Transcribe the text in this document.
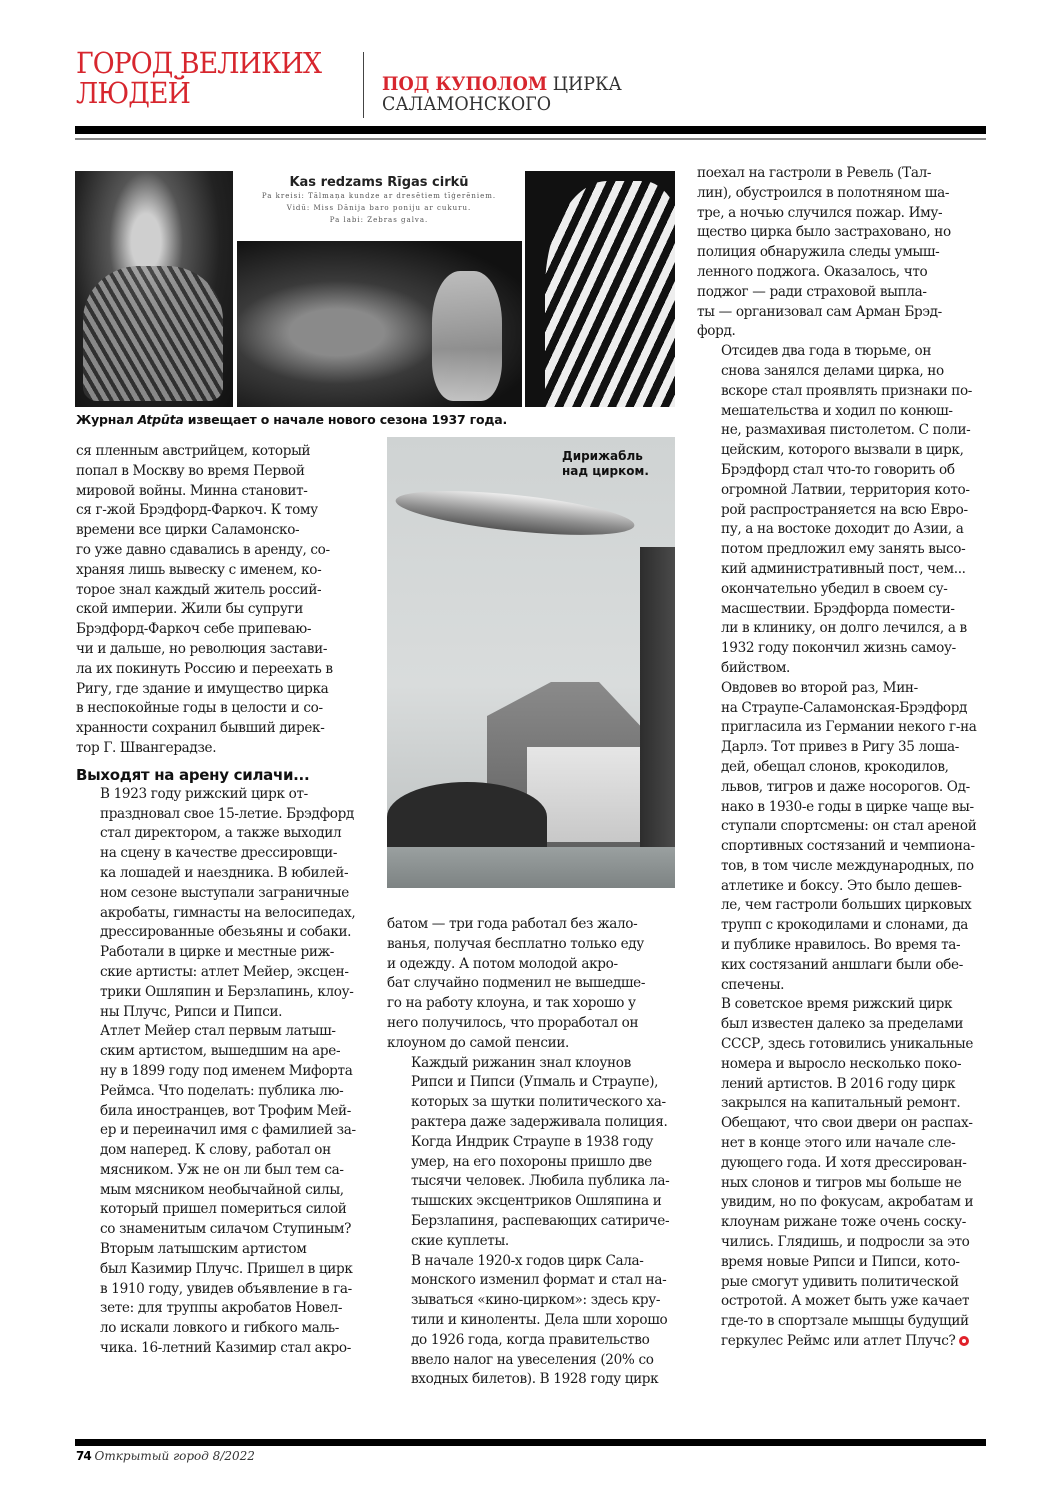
ГОРОД ВЕЛИКИХ
ЛЮДЕЙ	ПОД КУПОЛОМ ЦИРКА
САЛАМОНСКОГО
Kas redzams Rīgas cirkū
Pa kreisi: Tālmaņa kundze ar dresētiem tīģerēniem.
Vidū: Miss Dānija baro poniju ar cukuru.
Pa labi: Zebras galva.
Журнал Atpūta извещает о начале нового сезона 1937 года.
Дирижабль
над цирком.

ся пленным австрийцем, который
попал в Москву во время Первой
мировой войны. Минна становит-
ся г-жой Брэдфорд-Фаркоч. К тому
времени все цирки Саламонско-
го уже давно сдавались в аренду, со-
храняя лишь вывеску с именем, ко-
торое знал каждый житель россий-
ской империи. Жили бы супруги
Брэдфорд-Фаркоч себе припеваю-
чи и дальше, но революция застави-
ла их покинуть Россию и переехать в
Ригу, где здание и имущество цирка
в неспокойные годы в целости и со-
хранности сохранил бывший дирек-
тор Г. Швангерадзе.

Выходят на арену силачи...

В 1923 году рижский цирк от-
праздновал свое 15-летие. Брэдфорд
стал директором, а также выходил
на сцену в качестве дрессировщи-
ка лошадей и наездника. В юбилей-
ном сезоне выступали заграничные
акробаты, гимнасты на велосипедах,
дрессированные обезьяны и собаки.
Работали в цирке и местные риж-
ские артисты: атлет Мейер, эксцен-
трики Ошляпин и Берзлапинь, клоу-
ны Плучс, Рипси и Пипси.

Атлет Мейер стал первым латыш-
ским артистом, вышедшим на аре-
ну в 1899 году под именем Мифорта
Реймса. Что поделать: публика лю-
била иностранцев, вот Трофим Мей-
ер и переиначил имя с фамилией за-
дом наперед. К слову, работал он
мясником. Уж не он ли был тем са-
мым мясником необычайной силы,
который пришел помериться силой
со знаменитым силачом Ступиным?

Вторым латышским артистом
был Казимир Плучс. Пришел в цирк
в 1910 году, увидев объявление в га-
зете: для труппы акробатов Новел-
ло искали ловкого и гибкого маль-
чика. 16-летний Казимир стал акро-

батом — три года работал без жало-
ванья, получая бесплатно только еду
и одежду. А потом молодой акро-
бат случайно подменил не вышедше-
го на работу клоуна, и так хорошо у
него получилось, что проработал он
клоуном до самой пенсии.

Каждый рижанин знал клоунов
Рипси и Пипси (Упмаль и Страупе),
которых за шутки политического ха-
рактера даже задерживала полиция.
Когда Индрик Страупе в 1938 году
умер, на его похороны пришло две
тысячи человек. Любила публика ла-
тышских эксцентриков Ошляпина и
Берзлапиня, распевающих сатириче-
ские куплеты.

В начале 1920-х годов цирк Сала-
монского изменил формат и стал на-
зываться «кино-цирком»: здесь кру-
тили и киноленты. Дела шли хорошо
до 1926 года, когда правительство
ввело налог на увеселения (20% со
входных билетов). В 1928 году цирк

поехал на гастроли в Ревель (Тал-
лин), обустроился в полотняном ша-
тре, а ночью случился пожар. Иму-
щество цирка было застраховано, но
полиция обнаружила следы умыш-
ленного поджога. Оказалось, что
поджог — ради страховой выпла-
ты — организовал сам Арман Брэд-
форд.

Отсидев два года в тюрьме, он
снова занялся делами цирка, но
вскоре стал проявлять признаки по-
мешательства и ходил по конюш-
не, размахивая пистолетом. С поли-
цейским, которого вызвали в цирк,
Брэдфорд стал что-то говорить об
огромной Латвии, территория кото-
рой распространяется на всю Евро-
пу, а на востоке доходит до Азии, а
потом предложил ему занять высо-
кий административный пост, чем...
окончательно убедил в своем су-
масшествии. Брэдфорда помести-
ли в клинику, он долго лечился, а в
1932 году покончил жизнь самоу-
бийством.

Овдовев во второй раз, Мин-
на Страупе-Саламонская-Брэдфорд
пригласила из Германии некого г-на
Дарлэ. Тот привез в Ригу 35 лоша-
дей, обещал слонов, крокодилов,
львов, тигров и даже носорогов. Од-
нако в 1930-е годы в цирке чаще вы-
ступали спортсмены: он стал ареной
спортивных состязаний и чемпиона-
тов, в том числе международных, по
атлетике и боксу. Это было дешев-
ле, чем гастроли больших цирковых
трупп с крокодилами и слонами, да
и публике нравилось. Во время та-
ких состязаний аншлаги были обе-
спечены.

В советское время рижский цирк
был известен далеко за пределами
СССР, здесь готовились уникальные
номера и выросло несколько поко-
лений артистов. В 2016 году цирк
закрылся на капитальный ремонт.
Обещают, что свои двери он распах-
нет в конце этого или начале сле-
дующего года. И хотя дрессирован-
ных слонов и тигров мы больше не
увидим, но по фокусам, акробатам и
клоунам рижане тоже очень соску-
чились. Глядишь, и подросли за это
время новые Рипси и Пипси, кото-
рые смогут удивить политической
остротой. А может быть уже качает
где-то в спортзале мышцы будущий
геркулес Реймс или атлет Плучс?

74 Открытый город 8/2022
